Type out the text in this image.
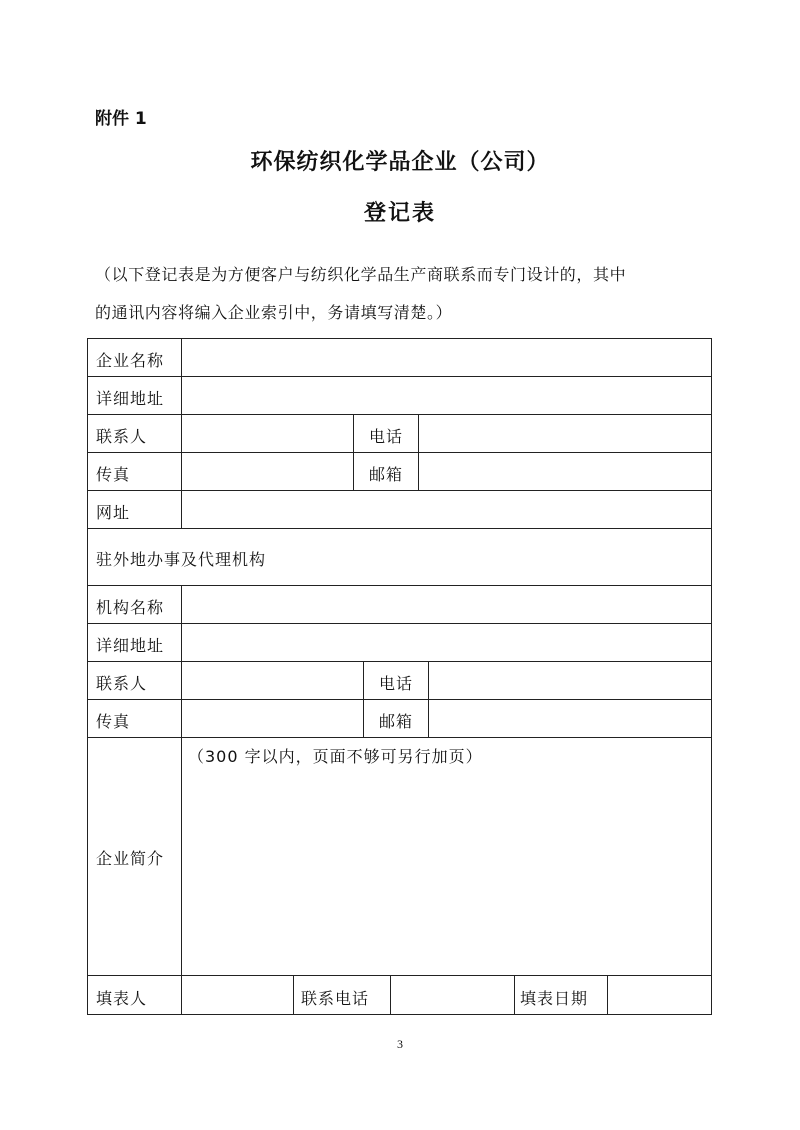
附件 1
环保纺织化学品企业（公司）
登记表
（以下登记表是为方便客户与纺织化学品生产商联系而专门设计的，其中
的通讯内容将编入企业索引中，务请填写清楚。）
企业名称
详细地址
联系人	电话
传真	邮箱
网址
驻外地办事及代理机构
机构名称
详细地址
联系人	电话
传真	邮箱
企业简介
（300 字以内，页面不够可另行加页）
填表人	联系电话	填表日期
3
